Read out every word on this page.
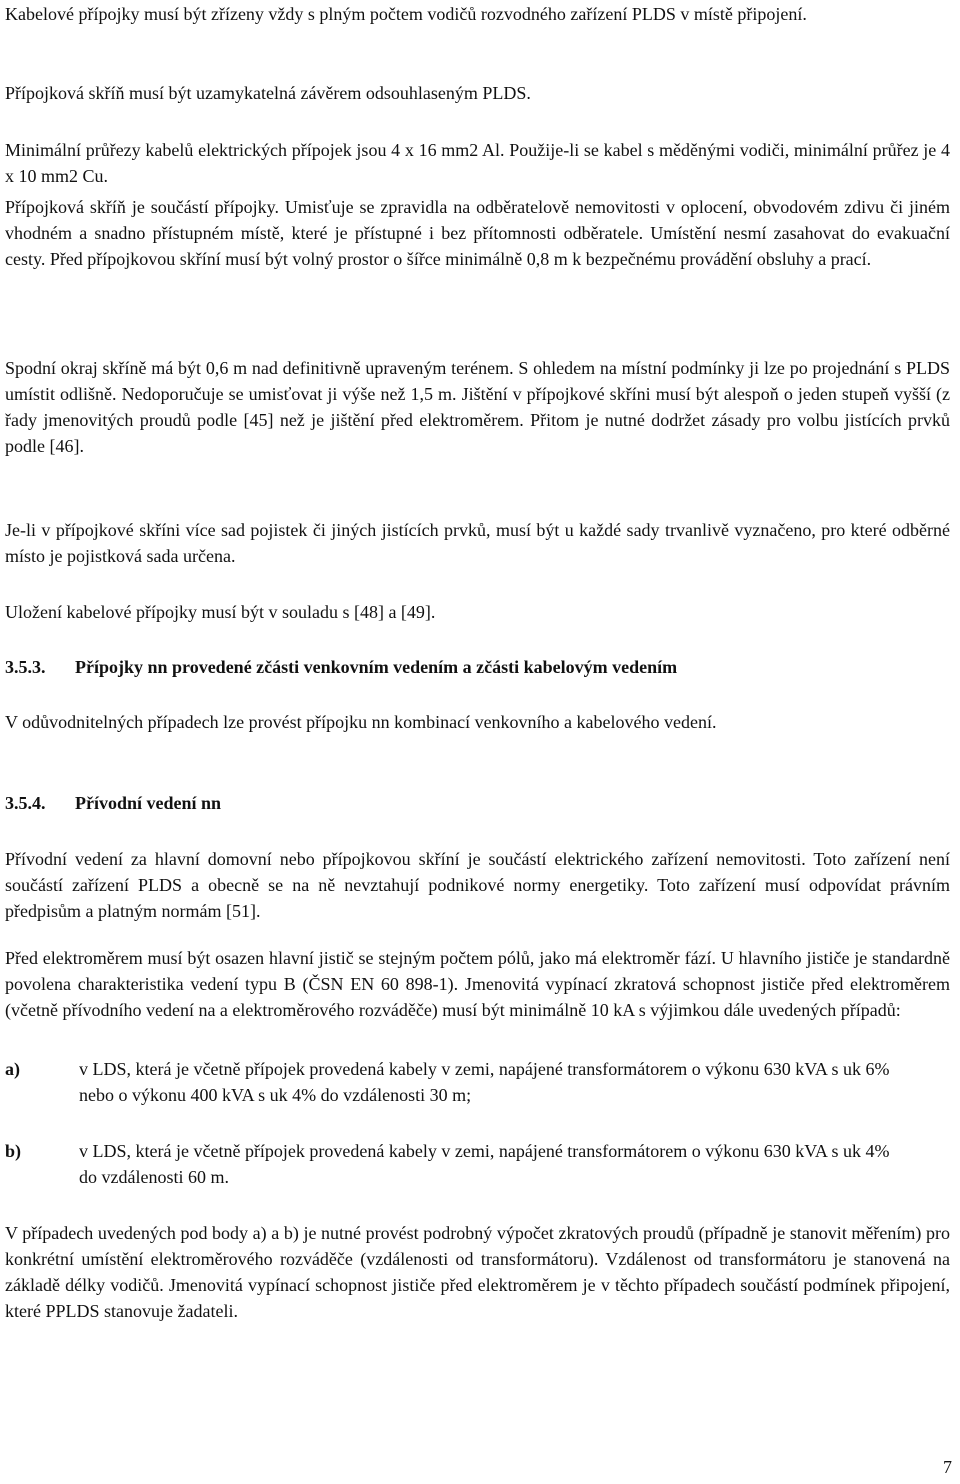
Kabelové přípojky musí být zřízeny vždy s plným počtem vodičů rozvodného zařízení PLDS v místě připojení.

Přípojková skříň musí být uzamykatelná závěrem odsouhlaseným PLDS.

Minimální průřezy kabelů elektrických přípojek jsou 4 x 16 mm2 Al. Použije-li se kabel s měděnými vodiči, minimální průřez je 4 x 10 mm2 Cu.

Přípojková skříň je součástí přípojky. Umisťuje se zpravidla na odběratelově nemovitosti v oplocení, obvodovém zdivu či jiném vhodném a snadno přístupném místě, které je přístupné i bez přítomnosti odběratele. Umístění nesmí zasahovat do evakuační cesty. Před přípojkovou skříní musí být volný prostor o šířce minimálně 0,8 m k bezpečnému provádění obsluhy a prací.

Spodní okraj skříně má být 0,6 m nad definitivně upraveným terénem. S ohledem na místní podmínky ji lze po projednání s PLDS umístit odlišně. Nedoporučuje se umisťovat ji výše než 1,5 m. Jištění v přípojkové skříni musí být alespoň o jeden stupeň vyšší (z řady jmenovitých proudů podle [45] než je jištění před elektroměrem. Přitom je nutné dodržet zásady pro volbu jistících prvků podle [46].

Je-li v přípojkové skříni více sad pojistek či jiných jistících prvků, musí být u každé sady trvanlivě vyznačeno, pro které odběrné místo je pojistková sada určena.

Uložení kabelové přípojky musí být v souladu s [48] a [49].

3.5.3. Přípojky nn provedené zčásti venkovním vedením a zčásti kabelovým vedením

V odůvodnitelných případech lze provést přípojku nn kombinací venkovního a kabelového vedení.

3.5.4. Přívodní vedení nn

Přívodní vedení za hlavní domovní nebo přípojkovou skříní je součástí elektrického zařízení nemovitosti. Toto zařízení není součástí zařízení PLDS a obecně se na ně nevztahují podnikové normy energetiky. Toto zařízení musí odpovídat právním předpisům a platným normám [51].

Před elektroměrem musí být osazen hlavní jistič se stejným počtem pólů, jako má elektroměr fází. U hlavního jističe je standardně povolena charakteristika vedení typu B (ČSN EN 60 898-1). Jmenovitá vypínací zkratová schopnost jističe před elektroměrem (včetně přívodního vedení na a elektroměrového rozváděče) musí být minimálně 10 kA s výjimkou dále uvedených případů:

a)	v LDS, která je včetně přípojek provedená kabely v zemi, napájené transformátorem o výkonu 630 kVA s uk 6% nebo o výkonu 400 kVA s uk 4% do vzdálenosti 30 m;
b)	v LDS, která je včetně přípojek provedená kabely v zemi, napájené transformátorem o výkonu 630 kVA s uk 4% do vzdálenosti 60 m.

V případech uvedených pod body a) a b) je nutné provést podrobný výpočet zkratových proudů (případně je stanovit měřením) pro konkrétní umístění elektroměrového rozváděče (vzdálenosti od transformátoru). Vzdálenost od transformátoru je stanovená na základě délky vodičů. Jmenovitá vypínací schopnost jističe před elektroměrem je v těchto případech součástí podmínek připojení, které PPLDS stanovuje žadateli.

7
